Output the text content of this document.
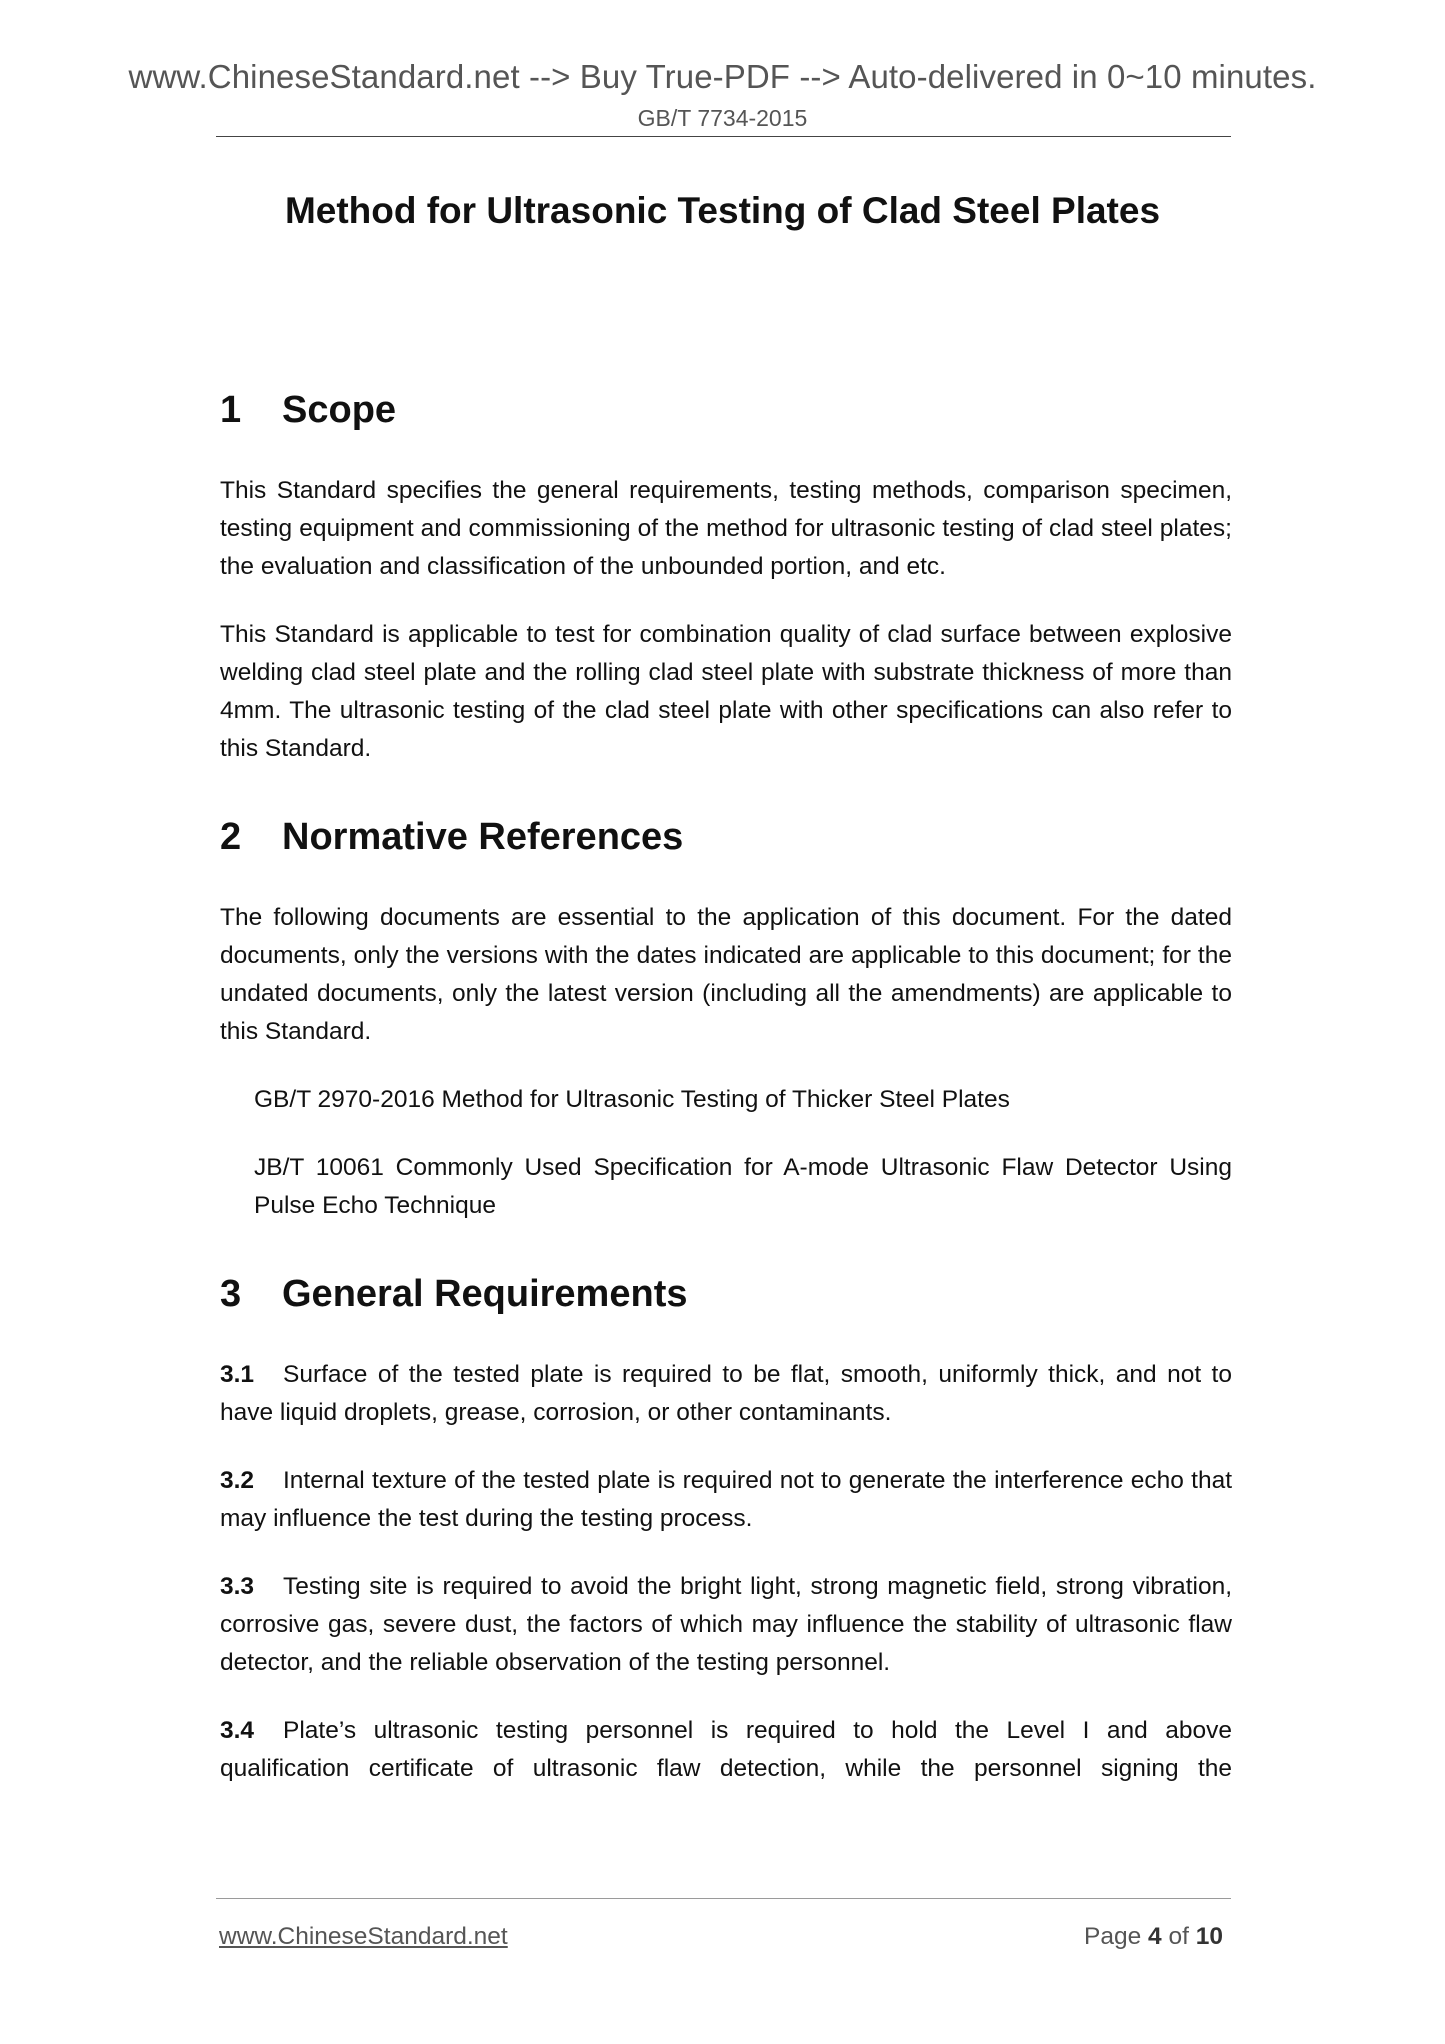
www.ChineseStandard.net --> Buy True-PDF --> Auto-delivered in 0~10 minutes.
GB/T 7734-2015
Method for Ultrasonic Testing of Clad Steel Plates
1	Scope

This Standard specifies the general requirements, testing methods, comparison specimen, testing equipment and commissioning of the method for ultrasonic testing of clad steel plates; the evaluation and classification of the unbounded portion, and etc.

This Standard is applicable to test for combination quality of clad surface between explosive welding clad steel plate and the rolling clad steel plate with substrate thickness of more than 4mm. The ultrasonic testing of the clad steel plate with other specifications can also refer to this Standard.

2	Normative References

The following documents are essential to the application of this document. For the dated documents, only the versions with the dates indicated are applicable to this document; for the undated documents, only the latest version (including all the amendments) are applicable to this Standard.

GB/T 2970-2016 Method for Ultrasonic Testing of Thicker Steel Plates

JB/T 10061 Commonly Used Specification for A-mode Ultrasonic Flaw Detector Using Pulse Echo Technique

3	General Requirements

3.1 Surface of the tested plate is required to be flat, smooth, uniformly thick, and not to have liquid droplets, grease, corrosion, or other contaminants.

3.2 Internal texture of the tested plate is required not to generate the interference echo that may influence the test during the testing process.

3.3 Testing site is required to avoid the bright light, strong magnetic field, strong vibration, corrosive gas, severe dust, the factors of which may influence the stability of ultrasonic flaw detector, and the reliable observation of the testing personnel.

3.4 Plate’s ultrasonic testing personnel is required to hold the Level I and above qualification certificate of ultrasonic flaw detection, while the personnel signing the

www.ChineseStandard.net	Page 4 of 10
